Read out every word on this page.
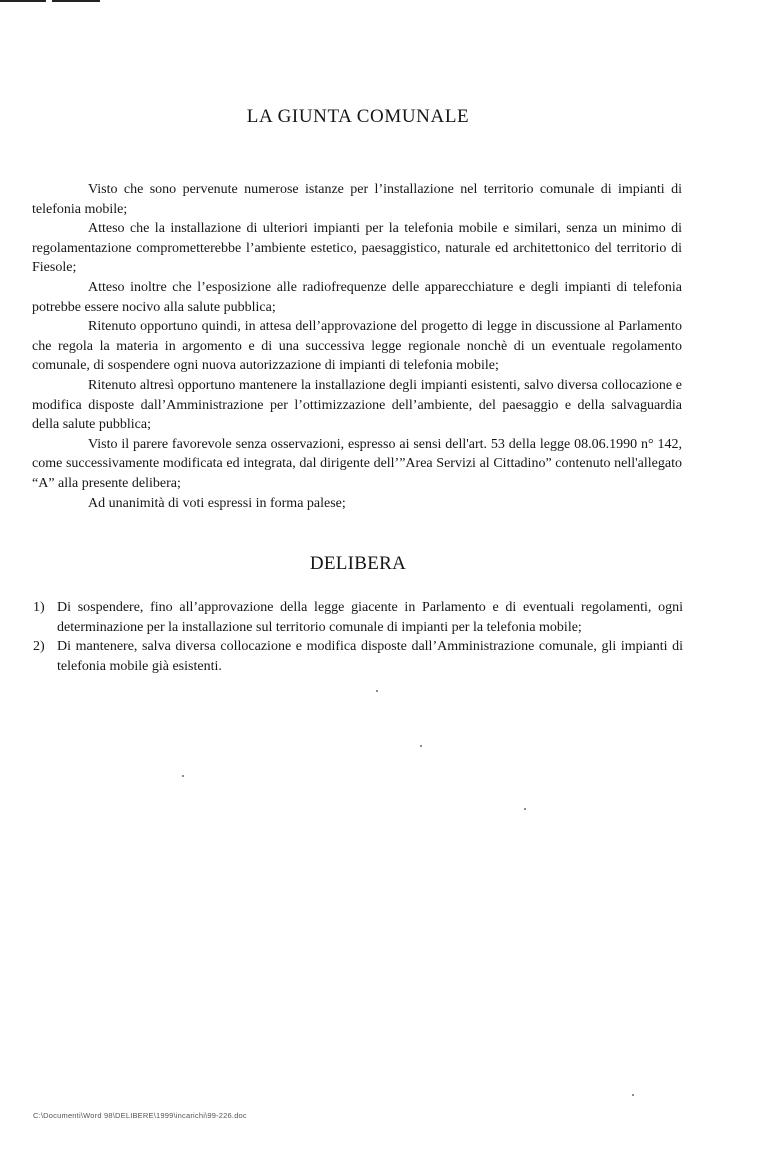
LA GIUNTA COMUNALE

Visto che sono pervenute numerose istanze per l’installazione nel territorio comunale di impianti di telefonia mobile;

Atteso che la installazione di ulteriori impianti per la telefonia mobile e similari, senza un minimo di regolamentazione comprometterebbe l’ambiente estetico, paesaggistico, naturale ed architettonico del territorio di Fiesole;

Atteso inoltre che l’esposizione alle radiofrequenze delle apparecchiature e degli impianti di telefonia potrebbe essere nocivo alla salute pubblica;

Ritenuto opportuno quindi, in attesa dell’approvazione del progetto di legge in discussione al Parlamento che regola la materia in argomento e di una successiva legge regionale nonchè di un eventuale regolamento comunale, di sospendere ogni nuova autorizzazione di impianti di telefonia mobile;

Ritenuto altresì opportuno mantenere la installazione degli impianti esistenti, salvo diversa collocazione e modifica disposte dall’Amministrazione per l’ottimizzazione dell’ambiente, del paesaggio e della salvaguardia della salute pubblica;

Visto il parere favorevole senza osservazioni, espresso ai sensi dell'art. 53 della legge 08.06.1990 n° 142, come successivamente modificata ed integrata, dal dirigente dell’”Area Servizi al Cittadino” contenuto nell'allegato “A” alla presente delibera;

Ad unanimità di voti espressi in forma palese;

DELIBERA
1) Di sospendere, fino all’approvazione della legge giacente in Parlamento e di eventuali regolamenti, ogni determinazione per la installazione sul territorio comunale di impianti per la telefonia mobile;
2) Di mantenere, salva diversa collocazione e modifica disposte dall’Amministrazione comunale, gli impianti di telefonia mobile già esistenti.
C:\Documenti\Word 98\DELIBERE\1999\incarichi\99-226.doc
